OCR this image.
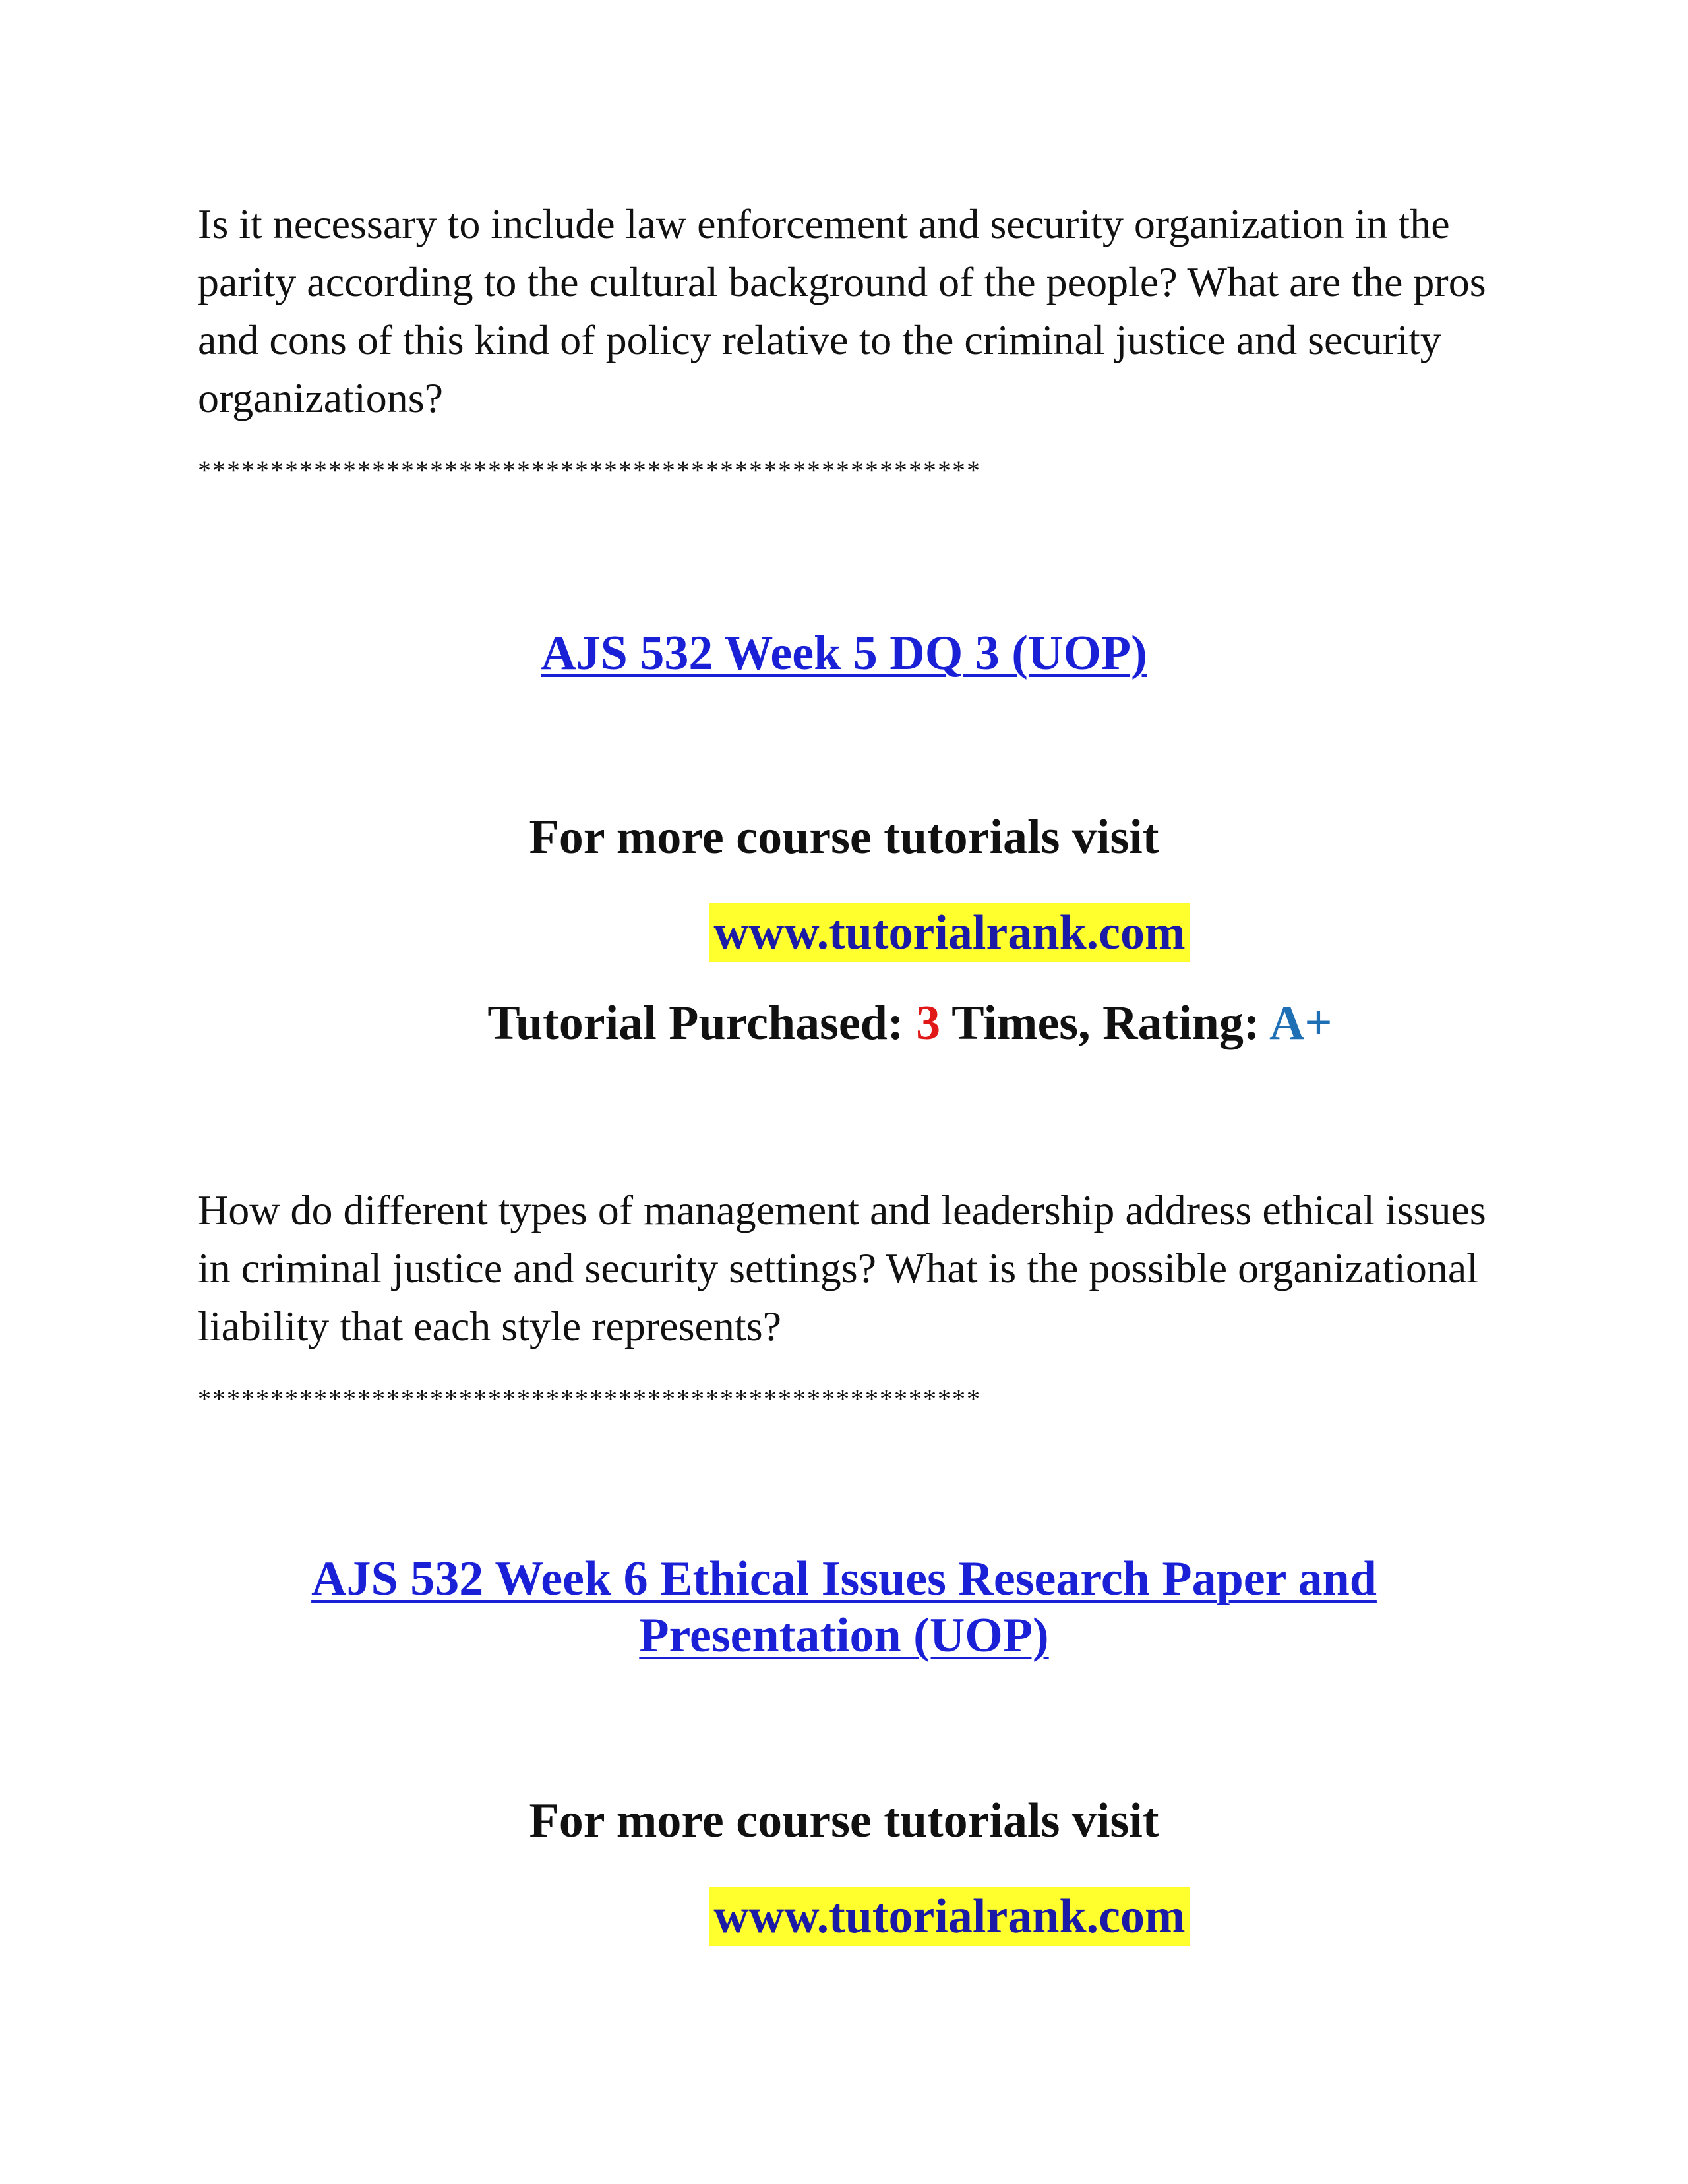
Is it necessary to include law enforcement and security organization in the parity according to the cultural background of the people? What are the pros and cons of this kind of policy relative to the criminal justice and security organizations?

******************************************************

AJS 532 Week 5 DQ 3 (UOP)

For more course tutorials visit

www.tutorialrank.com

Tutorial Purchased: 3 Times, Rating: A+

How do different types of management and leadership address ethical issues in criminal justice and security settings? What is the possible organizational liability that each style represents?

******************************************************

AJS 532 Week 6 Ethical Issues Research Paper and
Presentation (UOP)

For more course tutorials visit

www.tutorialrank.com
